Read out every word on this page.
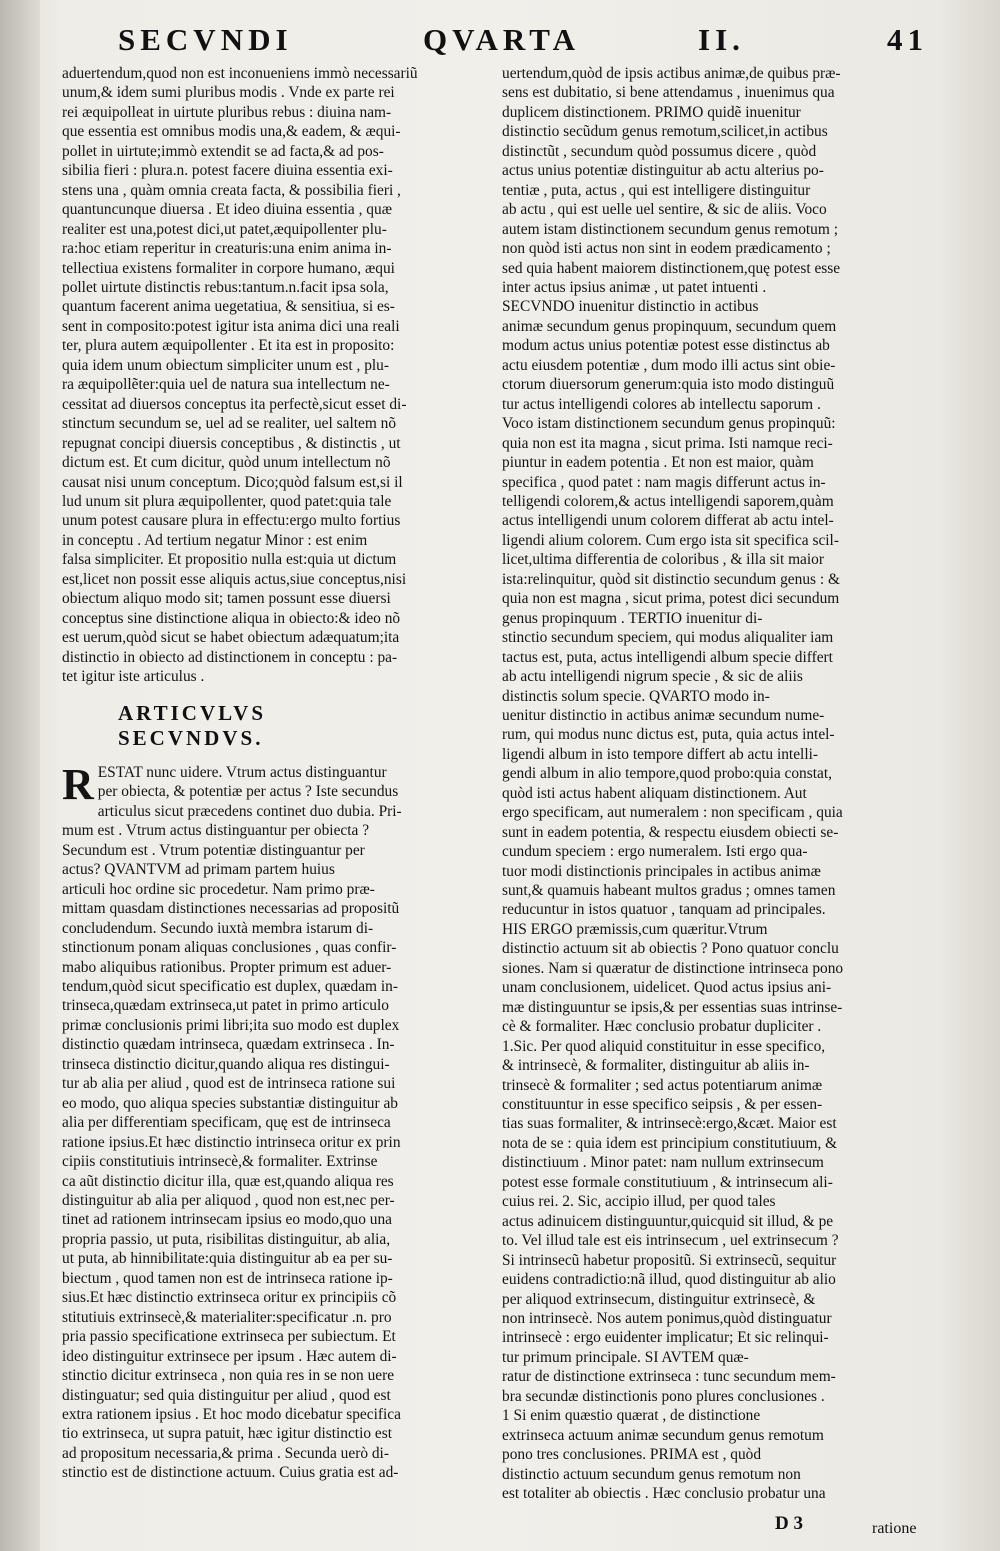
SECVNDI	QVARTA	II.	41
aduertendum,quod non est inconueniens immò necessariũ
unum,& idem sumi pluribus modis . Vnde ex parte rei
rei æquipolleat in uirtute pluribus rebus : diuina nam-
que essentia est omnibus modis una,& eadem, & æqui-
pollet in uirtute;immò extendit se ad facta,& ad pos-
sibilia fieri : plura.n. potest facere diuina essentia exi-
stens una , quàm omnia creata facta, & possibilia fieri ,
quantuncunque diuersa . Et ideo diuina essentia , quæ
realiter est una,potest dici,ut patet,æquipollenter plu-
ra:hoc etiam reperitur in creaturis:una enim anima in-
tellectiua existens formaliter in corpore humano, æqui
pollet uirtute distinctis rebus:tantum.n.facit ipsa sola,
quantum facerent anima uegetatiua, & sensitiua, si es-
sent in composito:potest igitur ista anima dici una reali
ter, plura autem æquipollenter . Et ita est in proposito:
quia idem unum obiectum simpliciter unum est , plu-
ra æquipollẽter:quia uel de natura sua intellectum ne-
cessitat ad diuersos conceptus ita perfectè,sicut esset di-
stinctum secundum se, uel ad se realiter, uel saltem nõ
repugnat concipi diuersis conceptibus , & distinctis , ut
dictum est. Et cum dicitur, quòd unum intellectum nõ
causat nisi unum conceptum. Dico;quòd falsum est,si il
lud unum sit plura æquipollenter, quod patet:quia tale
unum potest causare plura in effectu:ergo multo fortius
in conceptu . Ad tertium negatur Minor : est enim
falsa simpliciter. Et propositio nulla est:quia ut dictum
est,licet non possit esse aliquis actus,siue conceptus,nisi
obiectum aliquo modo sit; tamen possunt esse diuersi
conceptus sine distinctione aliqua in obiecto:& ideo nõ
est uerum,quòd sicut se habet obiectum adæquatum;ita
distinctio in obiecto ad distinctionem in conceptu : pa-
tet igitur iste articulus .
ARTICVLVS SECVNDVS.
R ESTAT nunc uidere. Vtrum actus distinguantur
per obiecta, & potentiæ per actus ? Iste secundus
articulus sicut præcedens continet duo dubia. Pri-
mum est . Vtrum actus distinguantur per obiecta ?
Secundum est . Vtrum potentiæ distinguantur per
actus? QVANTVM ad primam partem huius
articuli hoc ordine sic procedetur. Nam primo præ-
mittam quasdam distinctiones necessarias ad propositũ
concludendum. Secundo iuxtà membra istarum di-
stinctionum ponam aliquas conclusiones , quas confir-
mabo aliquibus rationibus. Propter primum est aduer-
tendum,quòd sicut specificatio est duplex, quædam in-
trinseca,quædam extrinseca,ut patet in primo articulo
primæ conclusionis primi libri;ita suo modo est duplex
distinctio quædam intrinseca, quædam extrinseca . In-
trinseca distinctio dicitur,quando aliqua res distingui-
tur ab alia per aliud , quod est de intrinseca ratione sui
eo modo, quo aliqua species substantiæ distinguitur ab
alia per differentiam specificam, quę est de intrinseca
ratione ipsius.Et hæc distinctio intrinseca oritur ex prin
cipiis constitutiuis intrinsecè,& formaliter. Extrinse
ca aũt distinctio dicitur illa, quæ est,quando aliqua res
distinguitur ab alia per aliquod , quod non est,nec per-
tinet ad rationem intrinsecam ipsius eo modo,quo una
propria passio, ut puta, risibilitas distinguitur, ab alia,
ut puta, ab hinnibilitate:quia distinguitur ab ea per su-
biectum , quod tamen non est de intrinseca ratione ip-
sius.Et hæc distinctio extrinseca oritur ex principiis cõ
stitutiuis extrinsecè,& materialiter:specificatur .n. pro
pria passio specificatione extrinseca per subiectum. Et
ideo distinguitur extrinsece per ipsum . Hæc autem di-
stinctio dicitur extrinseca , non quia res in se non uere
distinguatur; sed quia distinguitur per aliud , quod est
extra rationem ipsius . Et hoc modo dicebatur specifica
tio extrinseca, ut supra patuit, hæc igitur distinctio est
ad propositum necessaria,& prima . Secunda uerò di-
stinctio est de distinctione actuum. Cuius gratia est ad-
uertendum,quòd de ipsis actibus animæ,de quibus præ-
sens est dubitatio, si bene attendamus , inuenimus qua
duplicem distinctionem. PRIMO quidẽ inuenitur
distinctio secũdum genus remotum,scilicet,in actibus
distinctũt , secundum quòd possumus dicere , quòd
actus unius potentiæ distinguitur ab actu alterius po-
tentiæ , puta, actus , qui est intelligere distinguitur
ab actu , qui est uelle uel sentire, & sic de aliis. Voco
autem istam distinctionem secundum genus remotum ;
non quòd isti actus non sint in eodem prædicamento ;
sed quia habent maiorem distinctionem,quę potest esse
inter actus ipsius animæ , ut patet intuenti .
SECVNDO inuenitur distinctio in actibus
animæ secundum genus propinquum, secundum quem
modum actus unius potentiæ potest esse distinctus ab
actu eiusdem potentiæ , dum modo illi actus sint obie-
ctorum diuersorum generum:quia isto modo distinguũ
tur actus intelligendi colores ab intellectu saporum .
Voco istam distinctionem secundum genus propinquũ:
quia non est ita magna , sicut prima. Isti namque reci-
piuntur in eadem potentia . Et non est maior, quàm
specifica , quod patet : nam magis differunt actus in-
telligendi colorem,& actus intelligendi saporem,quàm
actus intelligendi unum colorem differat ab actu intel-
ligendi alium colorem. Cum ergo ista sit specifica scil-
licet,ultima differentia de coloribus , & illa sit maior
ista:relinquitur, quòd sit distinctio secundum genus : &
quia non est magna , sicut prima, potest dici secundum
genus propinquum . TERTIO inuenitur di-
stinctio secundum speciem, qui modus aliqualiter iam
tactus est, puta, actus intelligendi album specie differt
ab actu intelligendi nigrum specie , & sic de aliis
distinctis solum specie. QVARTO modo in-
uenitur distinctio in actibus animæ secundum nume-
rum, qui modus nunc dictus est, puta, quia actus intel-
ligendi album in isto tempore differt ab actu intelli-
gendi album in alio tempore,quod probo:quia constat,
quòd isti actus habent aliquam distinctionem. Aut
ergo specificam, aut numeralem : non specificam , quia
sunt in eadem potentia, & respectu eiusdem obiecti se-
cundum speciem : ergo numeralem. Isti ergo qua-
tuor modi distinctionis principales in actibus animæ
sunt,& quamuis habeant multos gradus ; omnes tamen
reducuntur in istos quatuor , tanquam ad principales.
HIS ERGO præmissis,cum quæritur.Vtrum
distinctio actuum sit ab obiectis ? Pono quatuor conclu
siones. Nam si quæratur de distinctione intrinseca pono
unam conclusionem, uidelicet. Quod actus ipsius ani-
mæ distinguuntur se ipsis,& per essentias suas intrinse-
cè & formaliter. Hæc conclusio probatur dupliciter .
1.Sic. Per quod aliquid constituitur in esse specifico,
& intrinsecè, & formaliter, distinguitur ab aliis in-
trinsecè & formaliter ; sed actus potentiarum animæ
constituuntur in esse specifico seipsis , & per essen-
tias suas formaliter, & intrinsecè:ergo,&cæt. Maior est
nota de se : quia idem est principium constitutiuum, &
distinctiuum . Minor patet: nam nullum extrinsecum
potest esse formale constitutiuum , & intrinsecum ali-
cuius rei. 2. Sic, accipio illud, per quod tales
actus adinuicem distinguuntur,quicquid sit illud, & pe
to. Vel illud tale est eis intrinsecum , uel extrinsecum ?
Si intrinsecũ habetur propositũ. Si extrinsecũ, sequitur
euidens contradictio:nã illud, quod distinguitur ab alio
per aliquod extrinsecum, distinguitur extrinsecè, &
non intrinsecè. Nos autem ponimus,quòd distinguatur
intrinsecè : ergo euidenter implicatur; Et sic relinqui-
tur primum principale. SI AVTEM quæ-
ratur de distinctione extrinseca : tunc secundum mem-
bra secundæ distinctionis pono plures conclusiones .
1 Si enim quæstio quærat , de distinctione
extrinseca actuum animæ secundum genus remotum
pono tres conclusiones. PRIMA est , quòd
distinctio actuum secundum genus remotum non
est totaliter ab obiectis . Hæc conclusio probatur una
D 3	ratione
